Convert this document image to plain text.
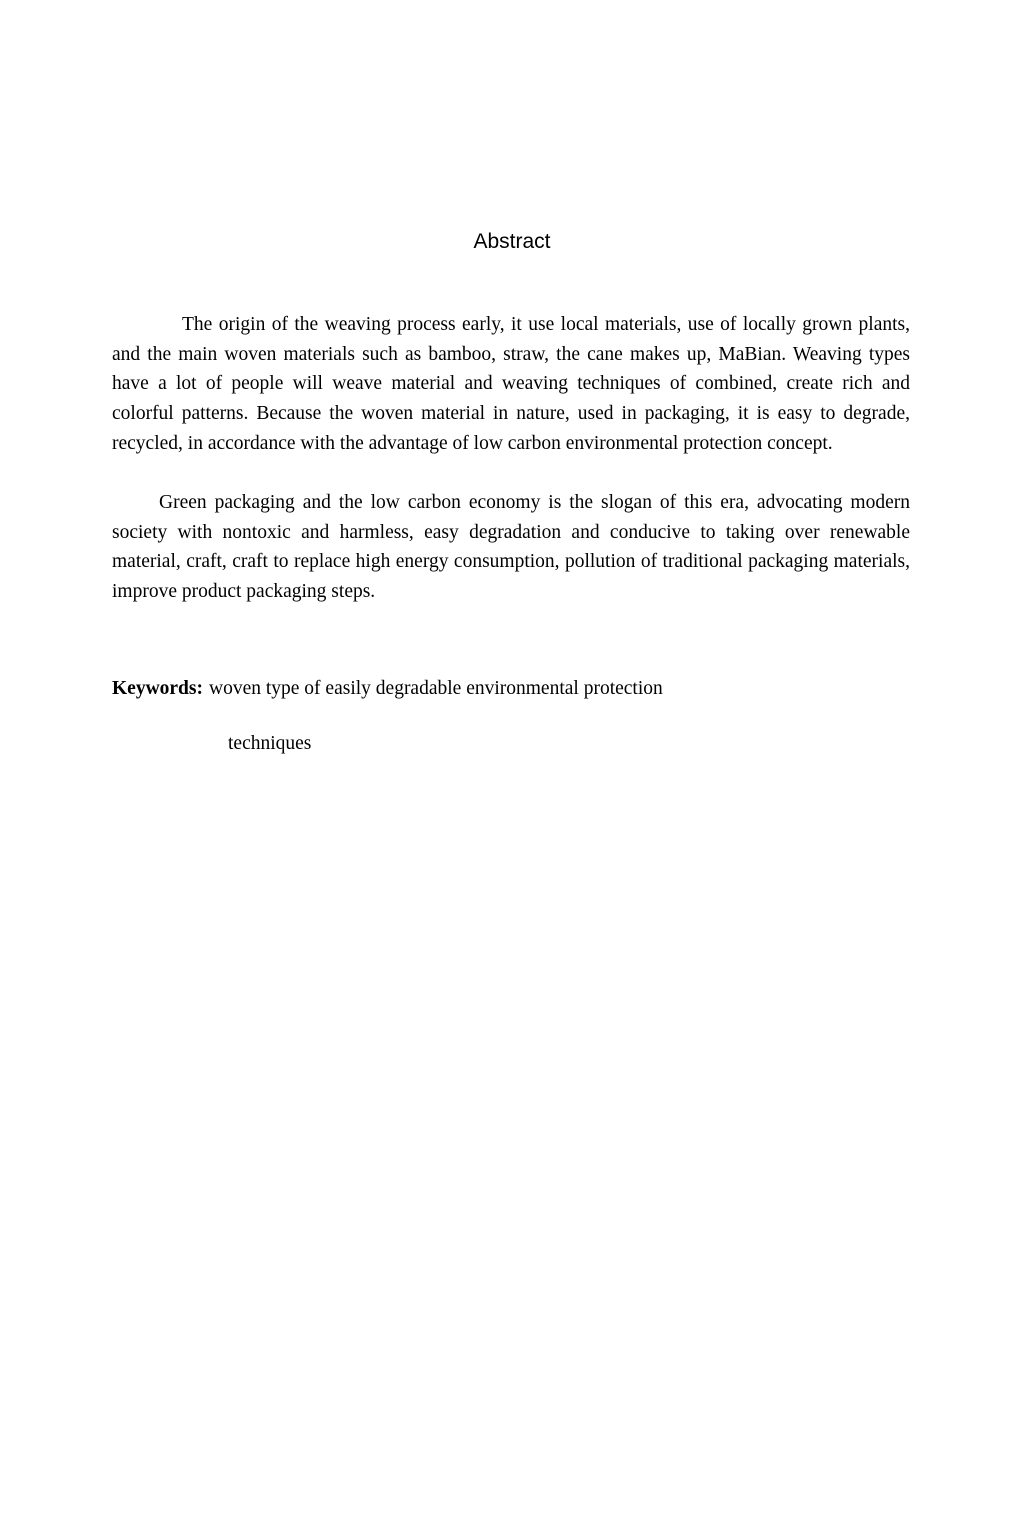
Abstract

The origin of the weaving process early, it use local materials, use of locally grown plants, and the main woven materials such as bamboo, straw, the cane makes up, MaBian. Weaving types have a lot of people will weave material and weaving techniques of combined, create rich and colorful patterns. Because the woven material in nature, used in packaging, it is easy to degrade, recycled, in accordance with the advantage of low carbon environmental protection concept.

Green packaging and the low carbon economy is the slogan of this era, advocating modern society with nontoxic and harmless, easy degradation and conducive to taking over renewable material, craft, craft to replace high energy consumption, pollution of traditional packaging materials, improve product packaging steps.

Keywords: woven type of easily degradable environmental protection
techniques
